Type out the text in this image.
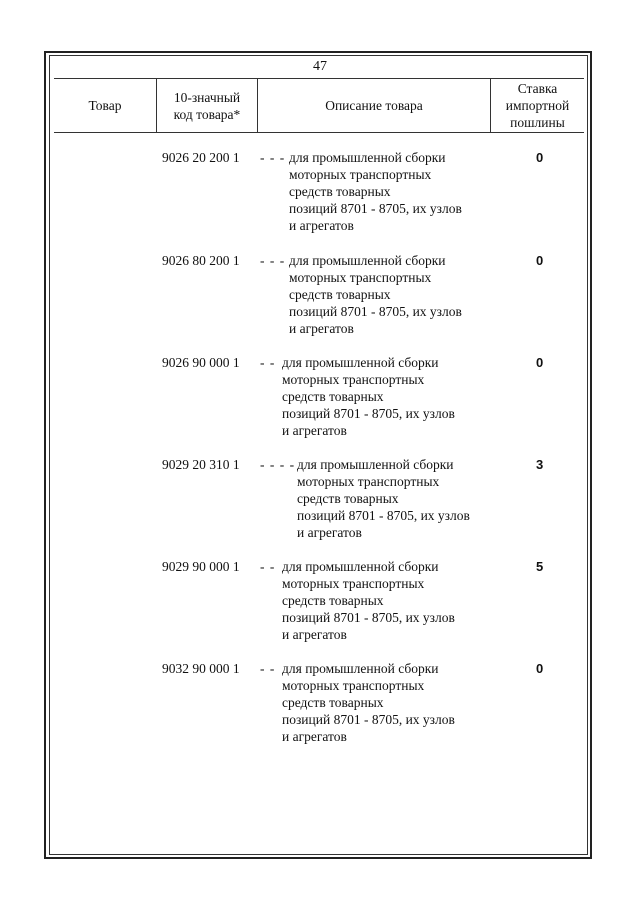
47
Товар
10-значный
код товара*
Описание товара
Ставка
импортной
пошлины
9026 20 200 1 - - - для промышленной сборки
моторных транспортных
средств товарных
позиций 8701 - 8705, их узлов
и агрегатов
0
9026 80 200 1 - - - для промышленной сборки
моторных транспортных
средств товарных
позиций 8701 - 8705, их узлов
и агрегатов
0
9026 90 000 1 - - для промышленной сборки
моторных транспортных
средств товарных
позиций 8701 - 8705, их узлов
и агрегатов
0
9029 20 310 1 - - - - для промышленной сборки
моторных транспортных
средств товарных
позиций 8701 - 8705, их узлов
и агрегатов
3
9029 90 000 1 - - для промышленной сборки
моторных транспортных
средств товарных
позиций 8701 - 8705, их узлов
и агрегатов
5
9032 90 000 1 - - для промышленной сборки
моторных транспортных
средств товарных
позиций 8701 - 8705, их узлов
и агрегатов
0
